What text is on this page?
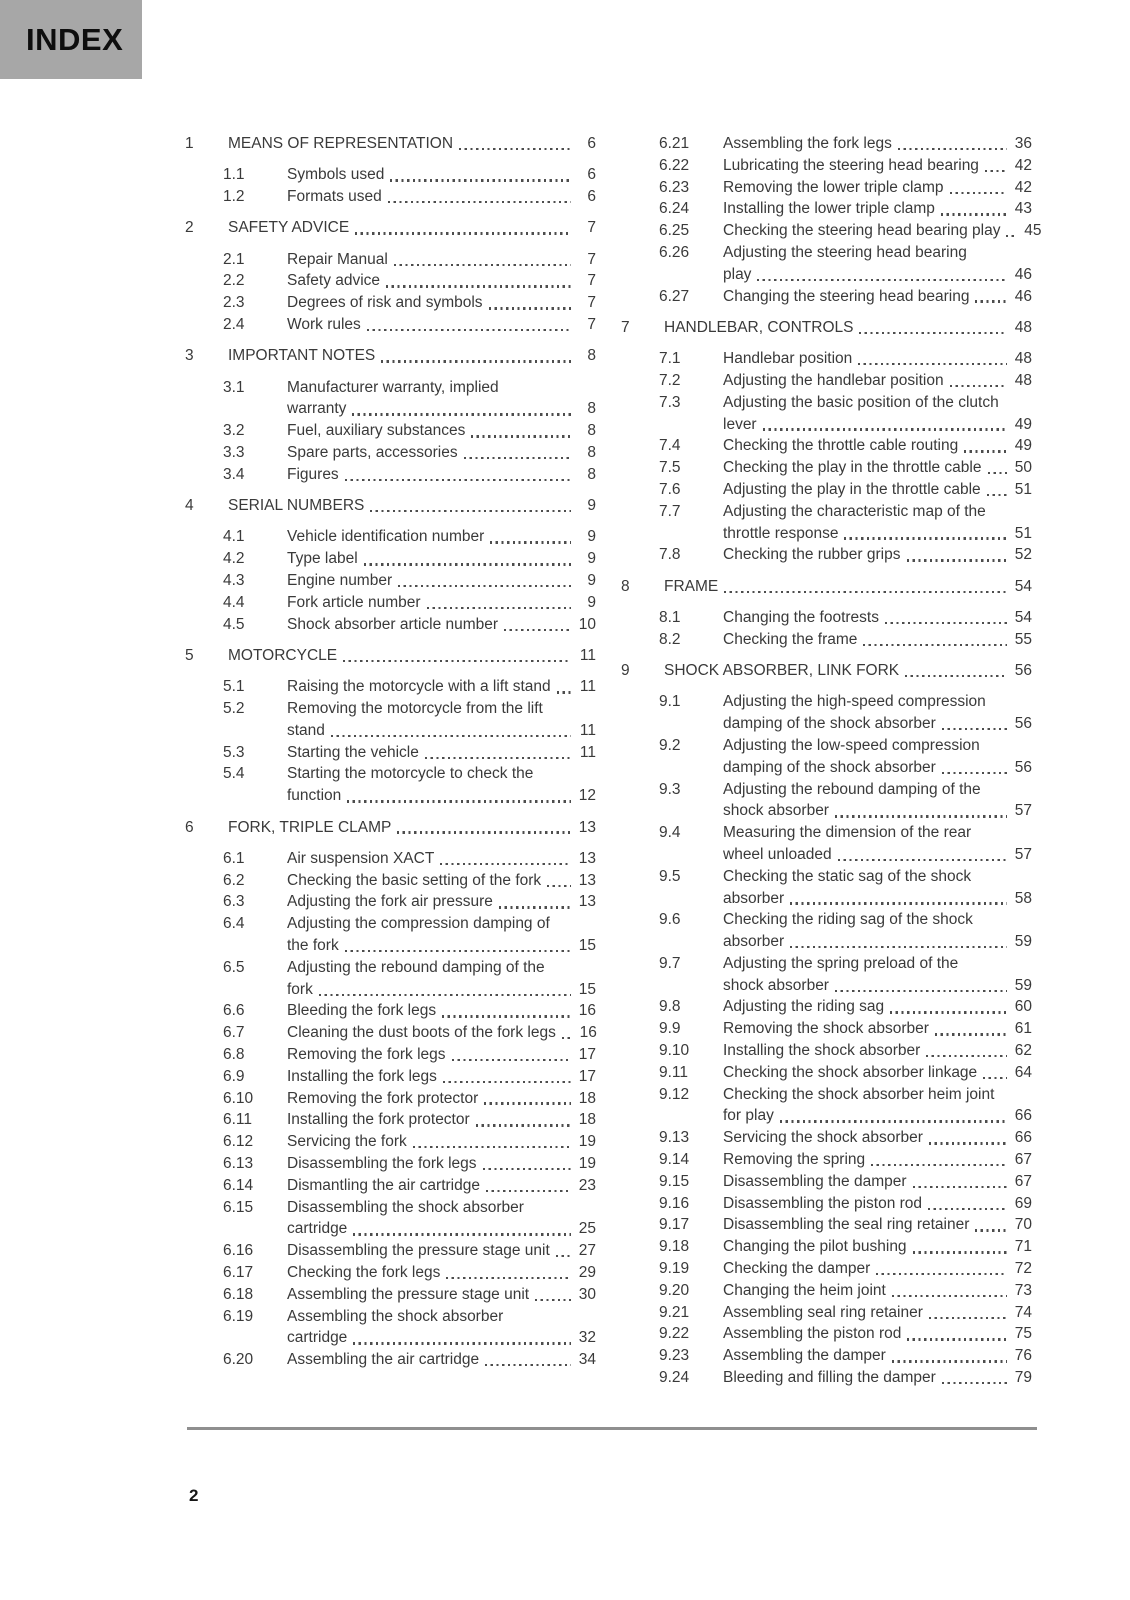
INDEX
1	MEANS OF REPRESENTATION	6
1.1	Symbols used	6
1.2	Formats used	6
2	SAFETY ADVICE	7
2.1	Repair Manual	7
2.2	Safety advice	7
2.3	Degrees of risk and symbols	7
2.4	Work rules	7
3	IMPORTANT NOTES	8
3.1	Manufacturer warranty, implied
warranty	8
3.2	Fuel, auxiliary substances	8
3.3	Spare parts, accessories	8
3.4	Figures	8
4	SERIAL NUMBERS	9
4.1	Vehicle identification number	9
4.2	Type label	9
4.3	Engine number	9
4.4	Fork article number	9
4.5	Shock absorber article number	10
5	MOTORCYCLE	11
5.1	Raising the motorcycle with a lift stand 11
5.2	Removing the motorcycle from the lift
stand	11
5.3	Starting the vehicle	11
5.4	Starting the motorcycle to check the
function	12
6	FORK, TRIPLE CLAMP	13
6.1	Air suspension XACT	13
6.2	Checking the basic setting of the fork 13
6.3	Adjusting the fork air pressure	13
6.4	Adjusting the compression damping of
the fork	15
6.5	Adjusting the rebound damping of the
fork	15
6.6	Bleeding the fork legs	16
6.7	Cleaning the dust boots of the fork legs 16
6.8	Removing the fork legs	17
6.9	Installing the fork legs	17
6.10	Removing the fork protector	18
6.11	Installing the fork protector	18
6.12	Servicing the fork	19
6.13	Disassembling the fork legs	19
6.14	Dismantling the air cartridge	23
6.15	Disassembling the shock absorber
cartridge	25
6.16	Disassembling the pressure stage unit 27
6.17	Checking the fork legs	29
6.18	Assembling the pressure stage unit	30
6.19	Assembling the shock absorber
cartridge	32
6.20	Assembling the air cartridge	34
6.21	Assembling the fork legs	36
6.22	Lubricating the steering head bearing 42
6.23	Removing the lower triple clamp	42
6.24	Installing the lower triple clamp	43
6.25	Checking the steering head bearing play 45
6.26	Adjusting the steering head bearing
play	46
6.27	Changing the steering head bearing	46
7	HANDLEBAR, CONTROLS	48
7.1	Handlebar position	48
7.2	Adjusting the handlebar position	48
7.3	Adjusting the basic position of the clutch
lever	49
7.4	Checking the throttle cable routing	49
7.5	Checking the play in the throttle cable 50
7.6	Adjusting the play in the throttle cable 51
7.7	Adjusting the characteristic map of the
throttle response	51
7.8	Checking the rubber grips	52
8	FRAME	54
8.1	Changing the footrests	54
8.2	Checking the frame	55
9	SHOCK ABSORBER, LINK FORK	56
9.1	Adjusting the high-speed compression
damping of the shock absorber	56
9.2	Adjusting the low-speed compression
damping of the shock absorber	56
9.3	Adjusting the rebound damping of the
shock absorber	57
9.4	Measuring the dimension of the rear
wheel unloaded	57
9.5	Checking the static sag of the shock
absorber	58
9.6	Checking the riding sag of the shock
absorber	59
9.7	Adjusting the spring preload of the
shock absorber	59
9.8	Adjusting the riding sag	60
9.9	Removing the shock absorber	61
9.10	Installing the shock absorber	62
9.11	Checking the shock absorber linkage 64
9.12	Checking the shock absorber heim joint
for play	66
9.13	Servicing the shock absorber	66
9.14	Removing the spring	67
9.15	Disassembling the damper	67
9.16	Disassembling the piston rod	69
9.17	Disassembling the seal ring retainer	70
9.18	Changing the pilot bushing	71
9.19	Checking the damper	72
9.20	Changing the heim joint	73
9.21	Assembling seal ring retainer	74
9.22	Assembling the piston rod	75
9.23	Assembling the damper	76
9.24	Bleeding and filling the damper	79
2
